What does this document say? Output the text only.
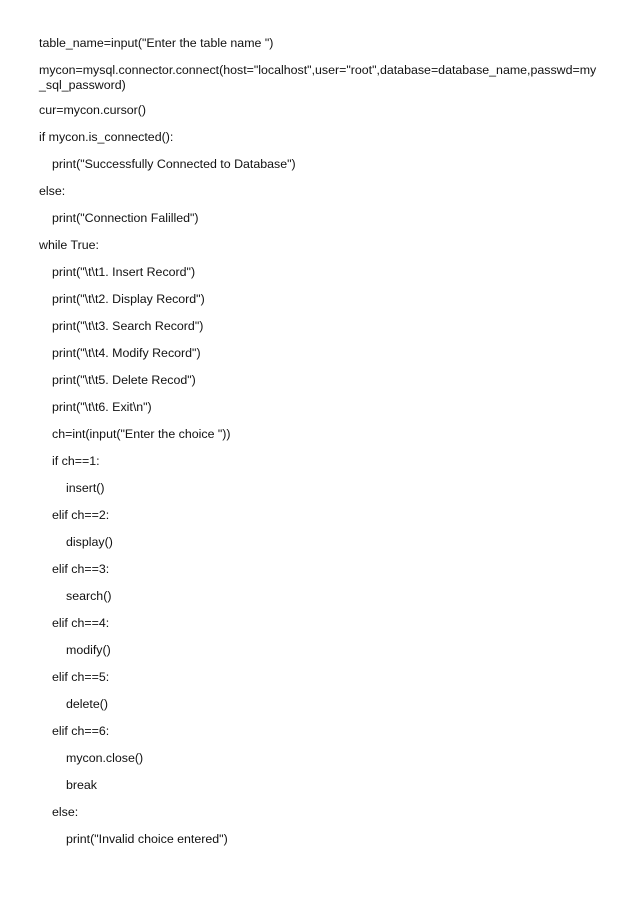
table_name=input("Enter the table name ")

mycon=mysql.connector.connect(host="localhost",user="root",database=database_name,passwd=my_sql_password)

cur=mycon.cursor()

if mycon.is_connected():

print("Successfully Connected to Database")

else:

print("Connection Falilled")

while True:

print("\t\t1. Insert Record")

print("\t\t2. Display Record")

print("\t\t3. Search Record")

print("\t\t4. Modify Record")

print("\t\t5. Delete Recod")

print("\t\t6. Exit\n")

ch=int(input("Enter the choice "))

if ch==1:

insert()

elif ch==2:

display()

elif ch==3:

search()

elif ch==4:

modify()

elif ch==5:

delete()

elif ch==6:

mycon.close()

break

else:

print("Invalid choice entered")
